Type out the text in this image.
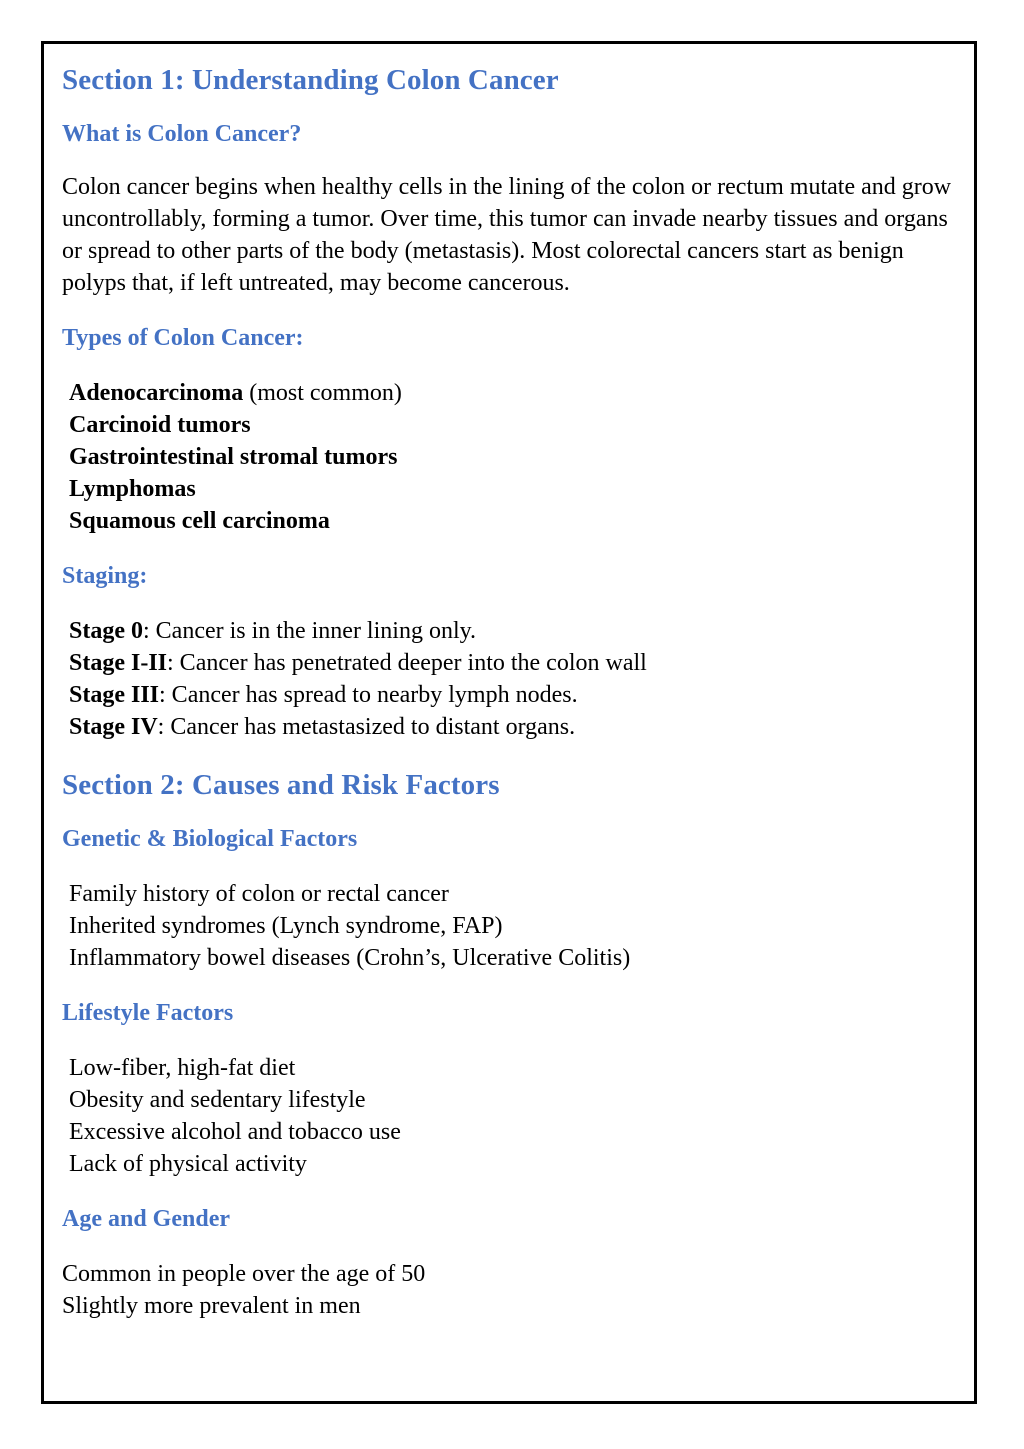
Section 1: Understanding Colon Cancer
What is Colon Cancer?

Colon cancer begins when healthy cells in the lining of the colon or rectum mutate and grow uncontrollably, forming a tumor. Over time, this tumor can invade nearby tissues and organs or spread to other parts of the body (metastasis). Most colorectal cancers start as benign polyps that, if left untreated, may become cancerous.

Types of Colon Cancer:
Adenocarcinoma (most common)
Carcinoid tumors
Gastrointestinal stromal tumors
Lymphomas
Squamous cell carcinoma
Staging:
Stage 0: Cancer is in the inner lining only.
Stage I-II: Cancer has penetrated deeper into the colon wall
Stage III: Cancer has spread to nearby lymph nodes.
Stage IV: Cancer has metastasized to distant organs.
Section 2: Causes and Risk Factors
Genetic & Biological Factors
Family history of colon or rectal cancer
Inherited syndromes (Lynch syndrome, FAP)
Inflammatory bowel diseases (Crohn’s, Ulcerative Colitis)
Lifestyle Factors
Low-fiber, high-fat diet
Obesity and sedentary lifestyle
Excessive alcohol and tobacco use
Lack of physical activity
Age and Gender
Common in people over the age of 50
Slightly more prevalent in men
